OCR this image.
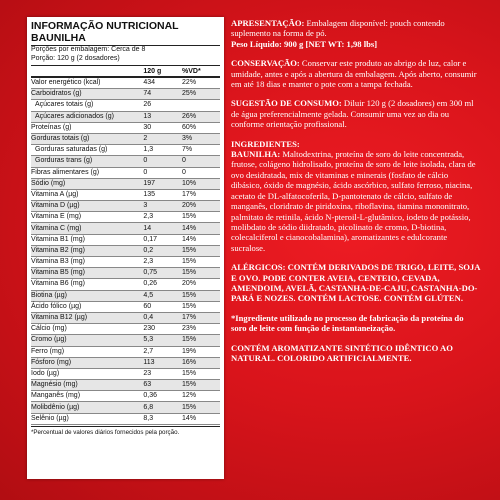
INFORMAÇÃO NUTRICIONAL
BAUNILHA
Porções por embalagem: Cerca de 8
Porção: 120 g (2 dosadores)
	120 g	%VD*
Valor energético (kcal)	434	22%
Carboidratos (g)	74	25%
Açúcares totais (g)	26	
Açúcares adicionados (g)	13	26%
Proteínas (g)	30	60%
Gorduras totais (g)	2	3%
Gorduras saturadas (g)	1,3	7%
Gorduras trans (g)	0	0
Fibras alimentares (g)	0	0
Sódio (mg)	197	10%
Vitamina A (µg)	135	17%
Vitamina D (µg)	3	20%
Vitamina E (mg)	2,3	15%
Vitamina C (mg)	14	14%
Vitamina B1 (mg)	0,17	14%
Vitamina B2 (mg)	0,2	15%
Vitamina B3 (mg)	2,3	15%
Vitamina B5 (mg)	0,75	15%
Vitamina B6 (mg)	0,26	20%
Biotina (µg)	4,5	15%
Ácido fólico (µg)	60	15%
Vitamina B12 (µg)	0,4	17%
Cálcio (mg)	230	23%
Cromo (µg)	5,3	15%
Ferro (mg)	2,7	19%
Fósforo (mg)	113	16%
Iodo (µg)	23	15%
Magnésio (mg)	63	15%
Manganês (mg)	0,36	12%
Molibdênio (µg)	6,8	15%
Selênio (µg)	8,3	14%
*Percentual de valores diários fornecidos pela porção.

APRESENTAÇÃO: Embalagem disponível: pouch contendo suplemento na forma de pó.
Peso Líquido: 900 g [NET WT: 1,98 lbs]

CONSERVAÇÃO: Conservar este produto ao abrigo de luz, calor e umidade, antes e após a abertura da embalagem. Após aberto, consumir em até 18 dias e manter o pote com a tampa fechada.

SUGESTÃO DE CONSUMO: Diluir 120 g (2 dosadores) em 300 ml de água preferencialmente gelada. Consumir uma vez ao dia ou conforme orientação profissional.

INGREDIENTES:

BAUNILHA: Maltodextrina, proteína de soro do leite concentrada, frutose, colágeno hidrolisado, proteína de soro de leite isolada, clara de ovo desidratada, mix de vitaminas e minerais (fosfato de cálcio dibásico, óxido de magnésio, ácido ascórbico, sulfato ferroso, niacina, acetato de DL-alfatocoferila, D-pantotenato de cálcio, sulfato de manganês, cloridrato de piridoxina, riboflavina, tiamina mononitrato, palmitato de retinila, ácido N-pteroil-L-glutâmico, iodeto de potássio, molibdato de sódio diidratado, picolinato de cromo, D-biotina, colecalciferol e cianocobalamina), aromatizantes e edulcorante sucralose.

ALÉRGICOS: CONTÉM DERIVADOS DE TRIGO, LEITE, SOJA E OVO. PODE CONTER AVEIA, CENTEIO, CEVADA, AMENDOIM, AVELÃ, CASTANHA-DE-CAJU, CASTANHA-DO-PARÁ E NOZES. CONTÉM LACTOSE. CONTÉM GLÚTEN.

*Ingrediente utilizado no processo de fabricação da proteína do soro de leite com função de instantaneização.

CONTÉM AROMATIZANTE SINTÉTICO IDÊNTICO AO NATURAL. COLORIDO ARTIFICIALMENTE.
